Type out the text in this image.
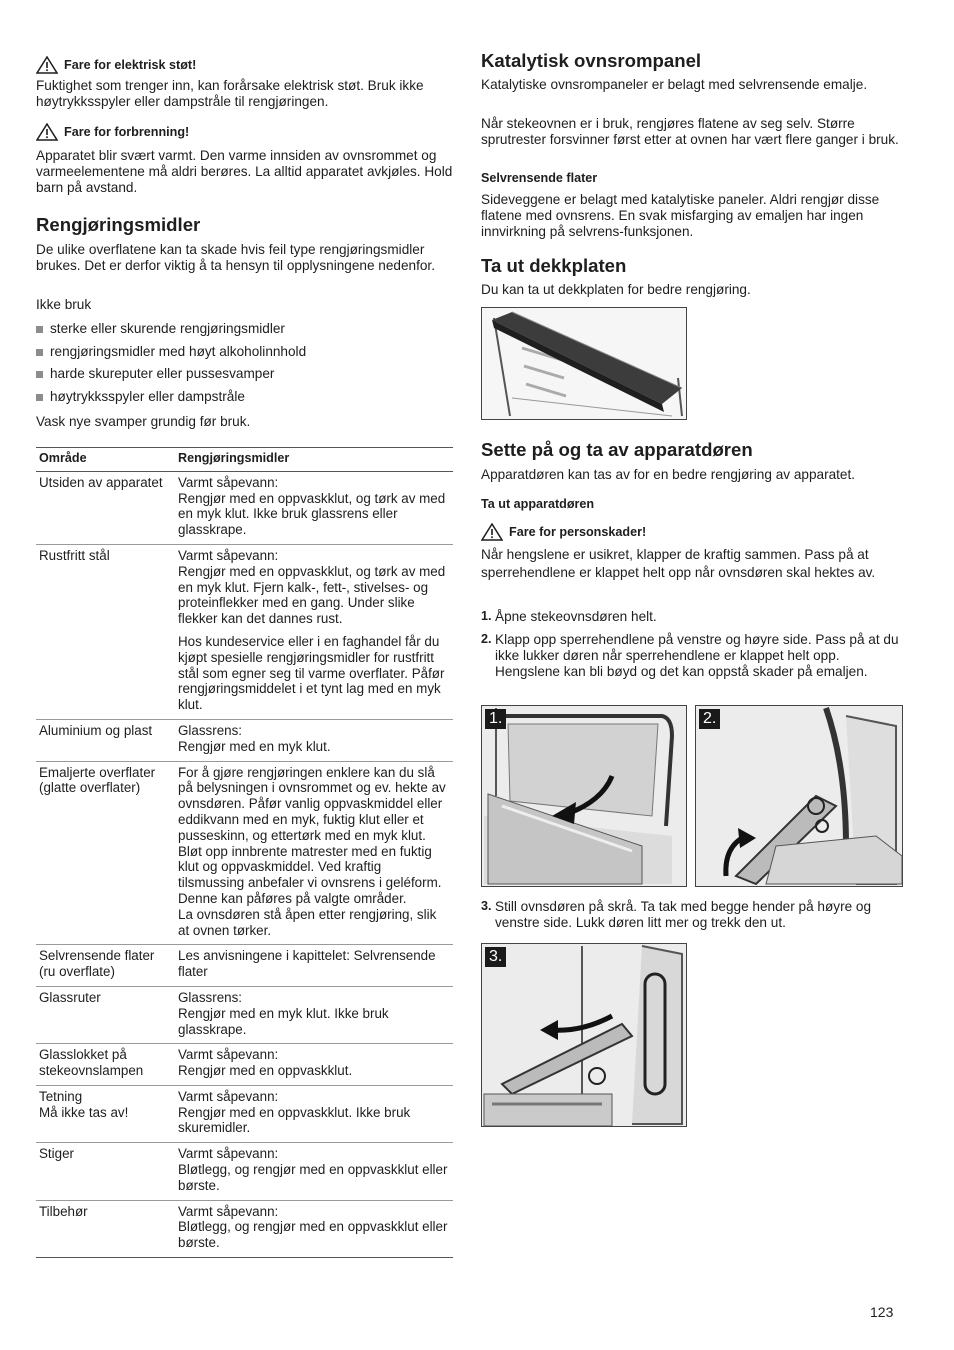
Fare for elektrisk støt!

Fuktighet som trenger inn, kan forårsake elektrisk støt. Bruk ikke høytrykksspyler eller dampstråle til rengjøringen.

Fare for forbrenning!

Apparatet blir svært varmt. Den varme innsiden av ovnsrommet og varmeelementene må aldri berøres. La alltid apparatet avkjøles. Hold barn på avstand.

Rengjøringsmidler

De ulike overflatene kan ta skade hvis feil type rengjøringsmidler brukes. Det er derfor viktig å ta hensyn til opplysningene nedenfor.

Ikke bruk

sterke eller skurende rengjøringsmidler
rengjøringsmidler med høyt alkoholinnhold
harde skureputer eller pussesvamper
høytrykksspyler eller dampstråle

Vask nye svamper grundig før bruk.

Område	Rengjøringsmidler
Utsiden av apparatet	Varmt såpevann:
Rengjør med en oppvaskklut, og tørk av med en myk klut. Ikke bruk glassrens eller glasskrape.

Rustfritt stål	Varmt såpevann:
Rengjør med en oppvaskklut, og tørk av med en myk klut. Fjern kalk-, fett-, stivelses- og proteinflekker med en gang. Under slike flekker kan det dannes rust.
Hos kundeservice eller i en faghandel får du kjøpt spesielle rengjøringsmidler for rustfritt stål som egner seg til varme overflater. Påfør rengjøringsmiddelet i et tynt lag med en myk klut.

Aluminium og plast	Glassrens:
Rengjør med en myk klut.

Emaljerte overflater (glatte overflater)	For å gjøre rengjøringen enklere kan du slå på belysningen i ovnsrommet og ev. hekte av ovnsdøren. Påfør vanlig oppvaskmiddel eller eddikvann med en myk, fuktig klut eller et pusseskinn, og ettertørk med en myk klut. Bløt opp innbrente matrester med en fuktig klut og oppvaskmiddel. Ved kraftig tilsmussing anbefaler vi ovnsrens i geléform. Denne kan påføres på valgte områder.
La ovnsdøren stå åpen etter rengjøring, slik at ovnen tørker.

Selvrensende flater (ru overflate)	Les anvisningene i kapittelet: Selvrensende flater

Glassruter	Glassrens:
Rengjør med en myk klut. Ikke bruk glasskrape.

Glasslokket på stekeovnslampen	Varmt såpevann:
Rengjør med en oppvaskklut.

Tetning
Må ikke tas av!	Varmt såpevann:
Rengjør med en oppvaskklut. Ikke bruk skuremidler.

Stiger	Varmt såpevann:
Bløtlegg, og rengjør med en oppvaskklut eller børste.

Tilbehør	Varmt såpevann:
Bløtlegg, og rengjør med en oppvaskklut eller børste.
Katalytisk ovnsrompanel

Katalytiske ovnsrompaneler er belagt med selvrensende emalje.

Når stekeovnen er i bruk, rengjøres flatene av seg selv. Større sprutrester forsvinner først etter at ovnen har vært flere ganger i bruk.

Selvrensende flater

Sideveggene er belagt med katalytiske paneler. Aldri rengjør disse flatene med ovnsrens. En svak misfarging av emaljen har ingen innvirkning på selvrens-funksjonen.

Ta ut dekkplaten

Du kan ta ut dekkplaten for bedre rengjøring.

Sette på og ta av apparatdøren

Apparatdøren kan tas av for en bedre rengjøring av apparatet.

Ta ut apparatdøren
Fare for personskader!

Når hengslene er usikret, klapper de kraftig sammen. Pass på at sperrehendlene er klappet helt opp når ovnsdøren skal hektes av.

1. Åpne stekeovnsdøren helt.
2. Klapp opp sperrehendlene på venstre og høyre side. Pass på at du ikke lukker døren når sperrehendlene er klappet helt opp. Hengslene kan bli bøyd og det kan oppstå skader på emaljen.
1.	2.
3. Still ovnsdøren på skrå. Ta tak med begge hender på høyre og venstre side. Lukk døren litt mer og trekk den ut.
3.
123
